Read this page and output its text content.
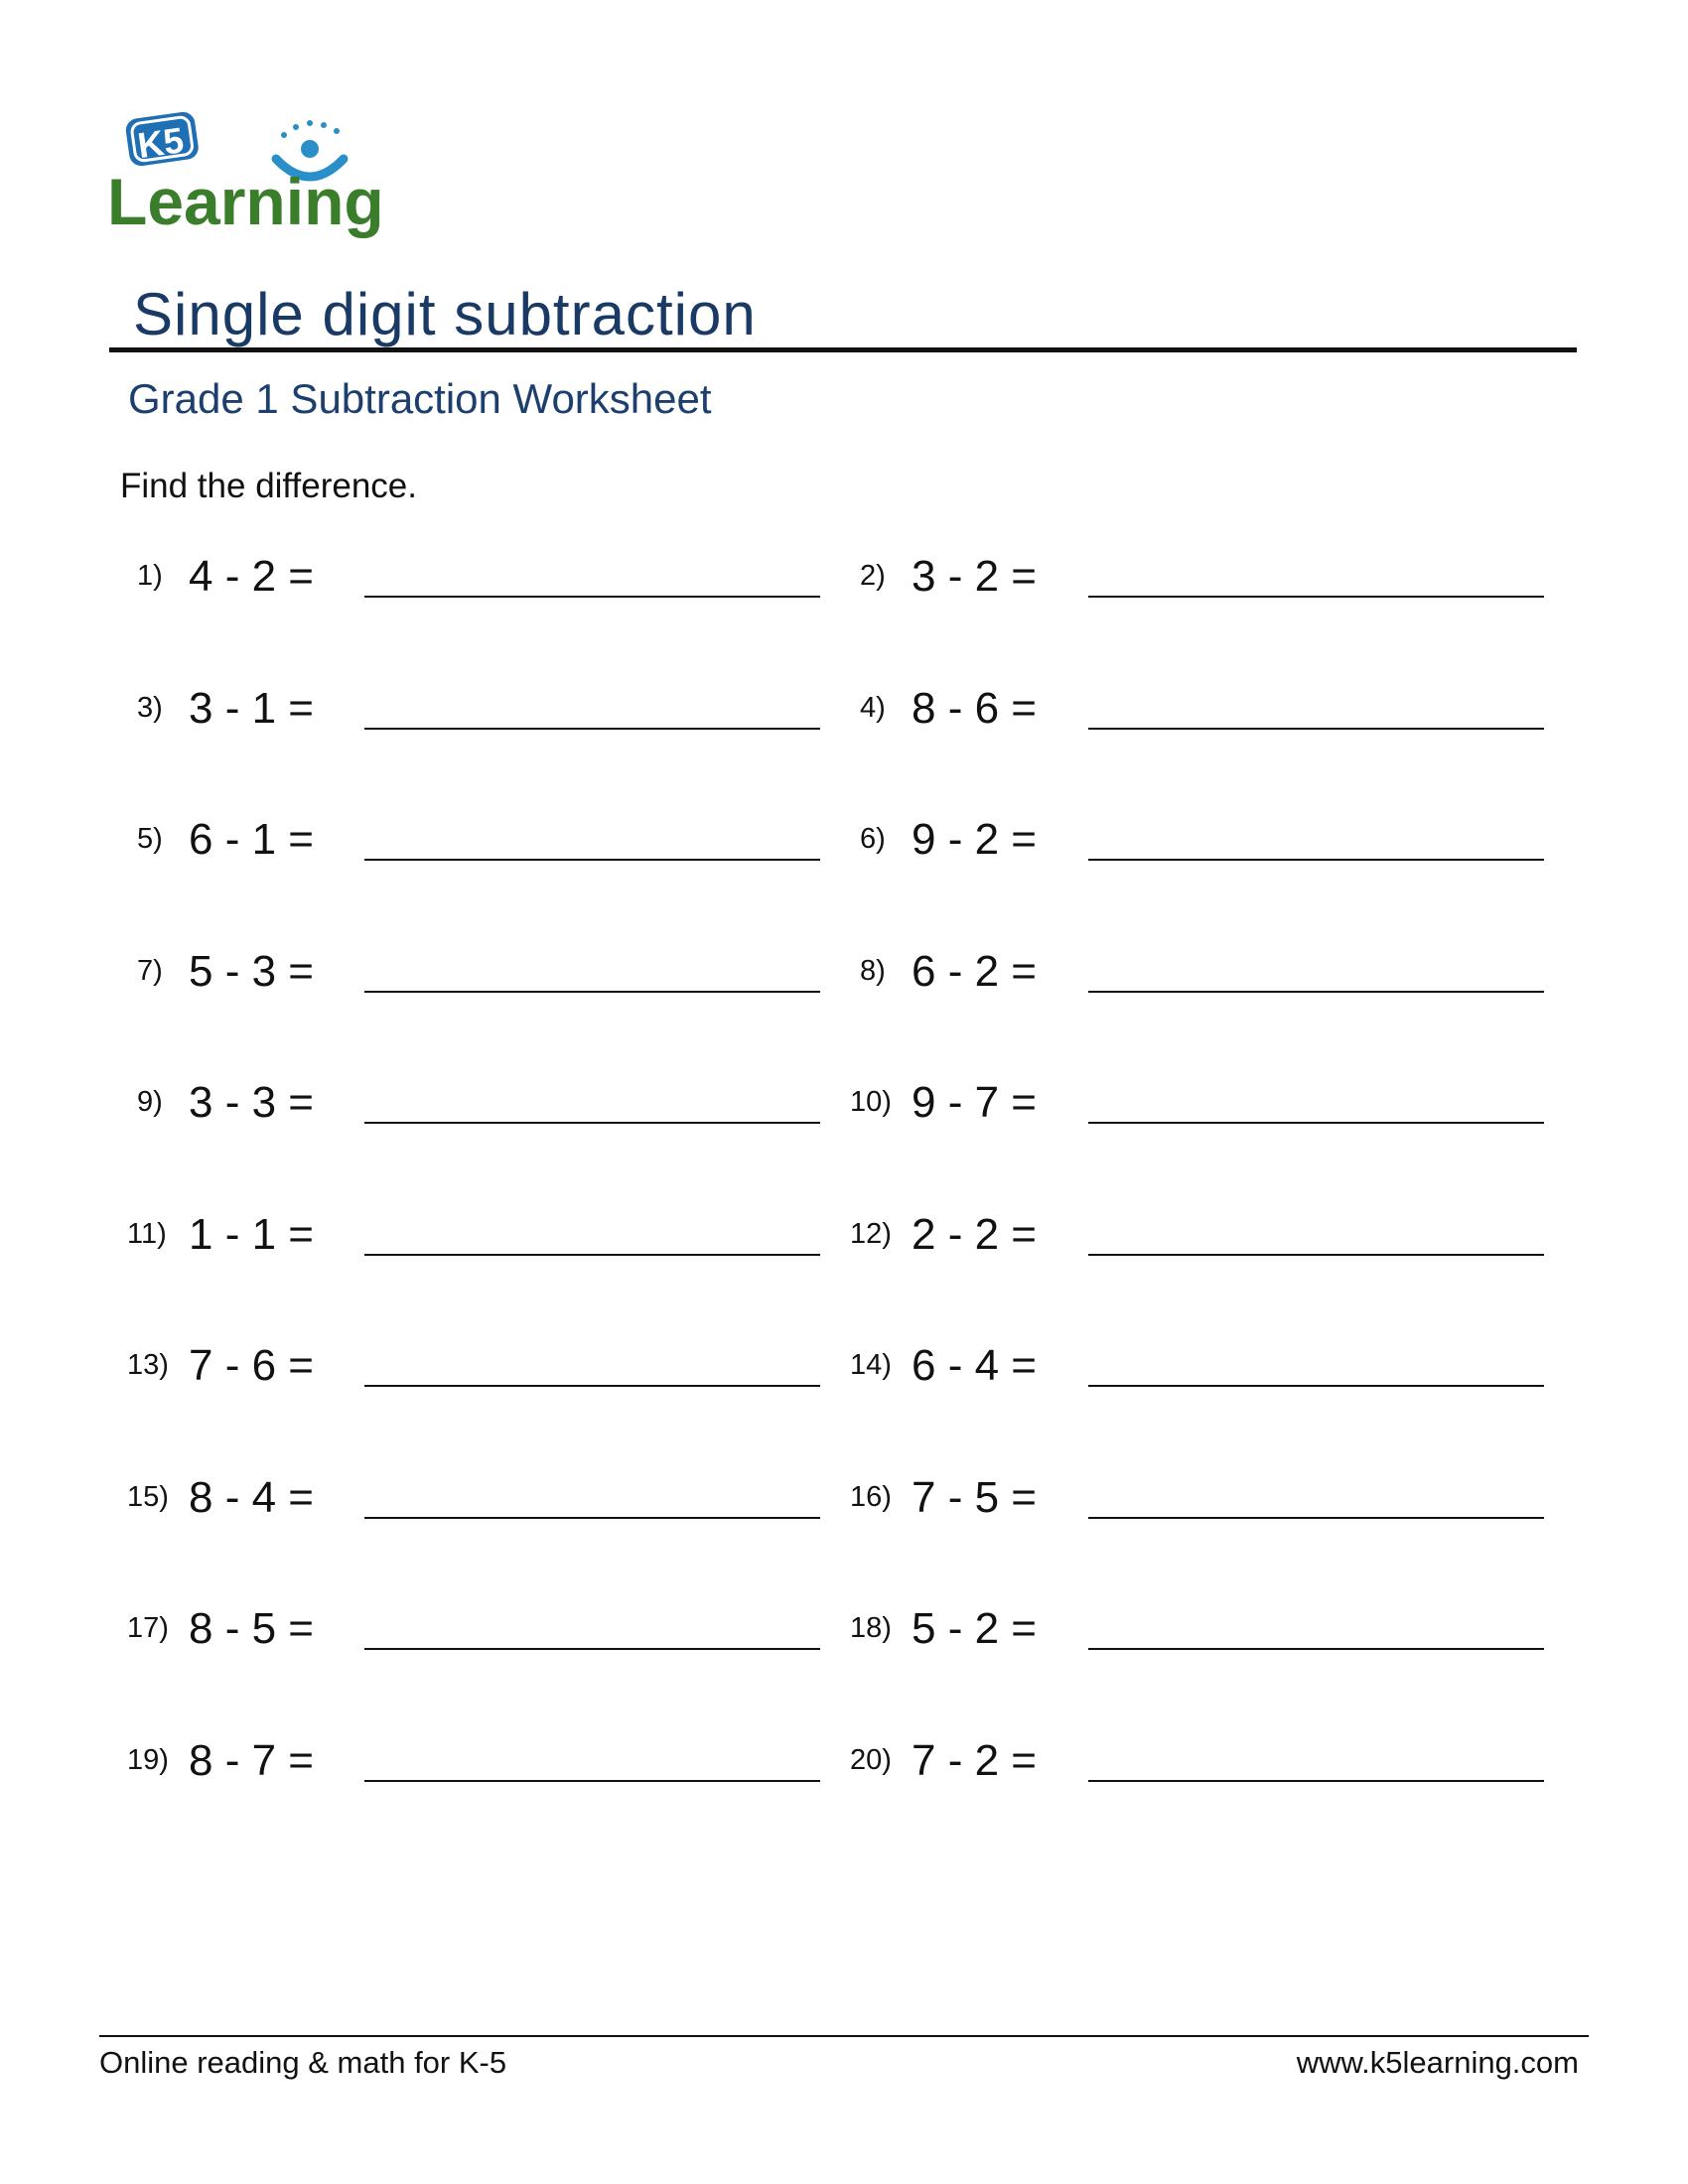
K5
Learning
Single digit subtraction
Grade 1 Subtraction Worksheet
Find the difference.
1) 4 - 2 =
3) 3 - 1 =
5) 6 - 1 =
7) 5 - 3 =
9) 3 - 3 =
11) 1 - 1 =
13) 7 - 6 =
15) 8 - 4 =
17) 8 - 5 =
19) 8 - 7 =
2) 3 - 2 =
4) 8 - 6 =
6) 9 - 2 =
8) 6 - 2 =
10) 9 - 7 =
12) 2 - 2 =
14) 6 - 4 =
16) 7 - 5 =
18) 5 - 2 =
20) 7 - 2 =
Online reading & math for K-5	www.k5learning.com
